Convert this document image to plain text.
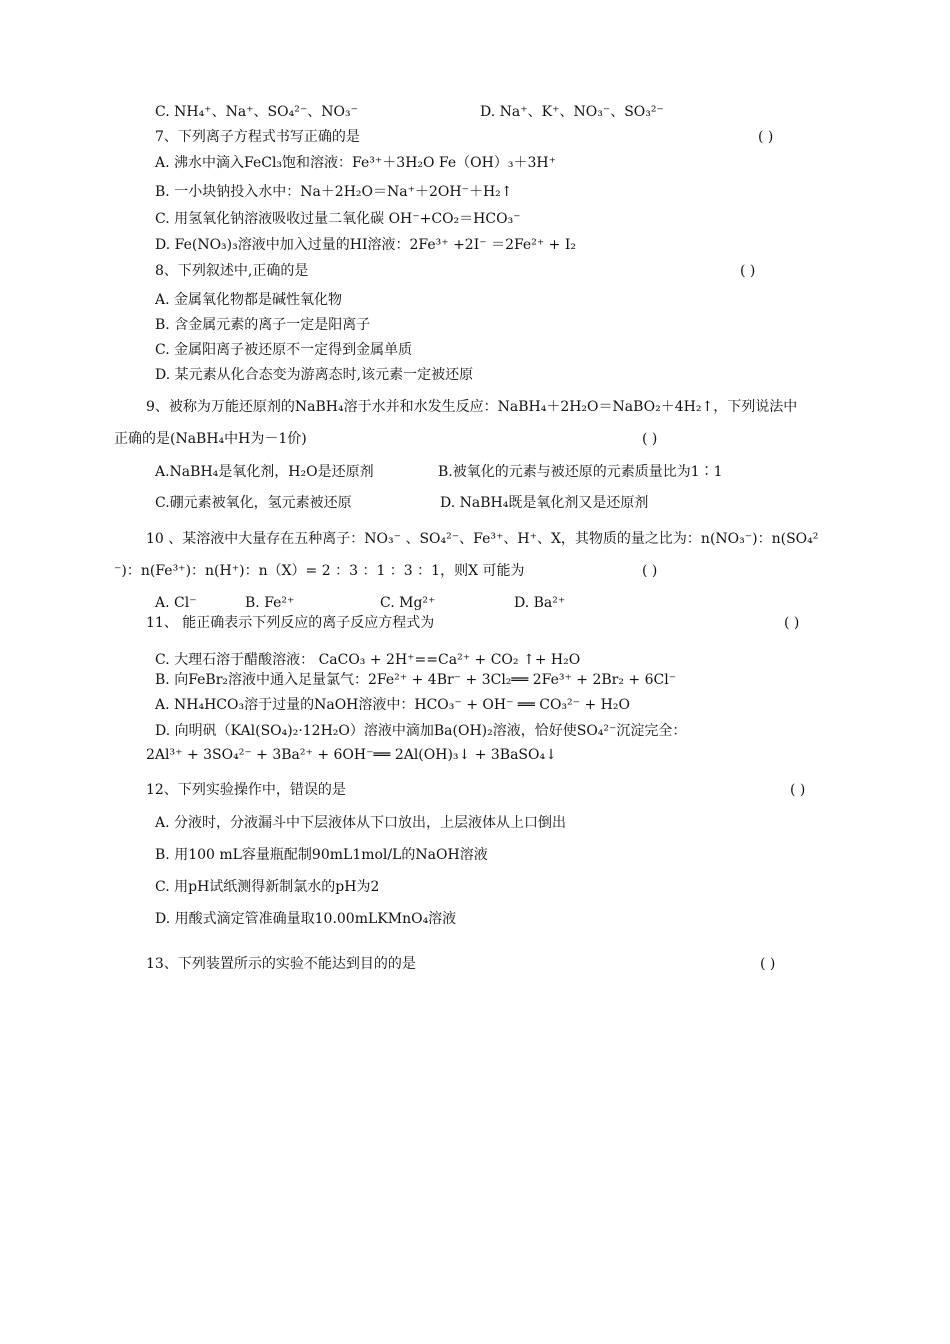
C. NH₄⁺、Na⁺、SO₄²⁻、NO₃⁻	D. Na⁺、K⁺、NO₃⁻、SO₃²⁻
7、下列离子方程式书写正确的是	( )
A. 沸水中滴入FeCl₃饱和溶液：Fe³⁺＋3H₂O Fe（OH）₃＋3H⁺
B. 一小块钠投入水中：Na＋2H₂O＝Na⁺＋2OH⁻＋H₂↑
C. 用氢氧化钠溶液吸收过量二氧化碳 OH⁻+CO₂＝HCO₃⁻
D. Fe(NO₃)₃溶液中加入过量的HI溶液：2Fe³⁺ +2I⁻ ＝2Fe²⁺ + I₂
8、下列叙述中,正确的是	( )
A. 金属氧化物都是碱性氧化物
B. 含金属元素的离子一定是阳离子
C. 金属阳离子被还原不一定得到金属单质
D. 某元素从化合态变为游离态时,该元素一定被还原
9、被称为万能还原剂的NaBH₄溶于水并和水发生反应：NaBH₄＋2H₂O＝NaBO₂＋4H₂↑，下列说法中
正确的是(NaBH₄中H为－1价)	( )
A.NaBH₄是氧化剂，H₂O是还原剂	B.被氧化的元素与被还原的元素质量比为1∶1
C.硼元素被氧化，氢元素被还原	D. NaBH₄既是氧化剂又是还原剂
10 、某溶液中大量存在五种离子：NO₃⁻ 、SO₄²⁻、Fe³⁺、H⁺、X，其物质的量之比为：n(NO₃⁻)：n(SO₄²
⁻)：n(Fe³⁺)：n(H⁺)：n（X）= 2 ：3 ：1 ：3 ：1，则X 可能为	( )
A. Cl⁻	B. Fe²⁺	C. Mg²⁺	D. Ba²⁺
11、 能正确表示下列反应的离子反应方程式为	( )
C. 大理石溶于醋酸溶液： CaCO₃ + 2H⁺==Ca²⁺ + CO₂ ↑+ H₂O
B. 向FeBr₂溶液中通入足量氯气：2Fe²⁺ + 4Br⁻ + 3Cl₂══ 2Fe³⁺ + 2Br₂ + 6Cl⁻
A. NH₄HCO₃溶于过量的NaOH溶液中：HCO₃⁻ + OH⁻ ══ CO₃²⁻ + H₂O
D. 向明矾（KAl(SO₄)₂·12H₂O）溶液中滴加Ba(OH)₂溶液，恰好使SO₄²⁻沉淀完全：
2Al³⁺ + 3SO₄²⁻ + 3Ba²⁺ + 6OH⁻══ 2Al(OH)₃↓ + 3BaSO₄↓
12、下列实验操作中，错误的是	( )
A. 分液时，分液漏斗中下层液体从下口放出，上层液体从上口倒出
B. 用100 mL容量瓶配制90mL1mol/L的NaOH溶液
C. 用pH试纸测得新制氯水的pH为2
D. 用酸式滴定管准确量取10.00mLKMnO₄溶液
13、下列装置所示的实验不能达到目的的是	( )
